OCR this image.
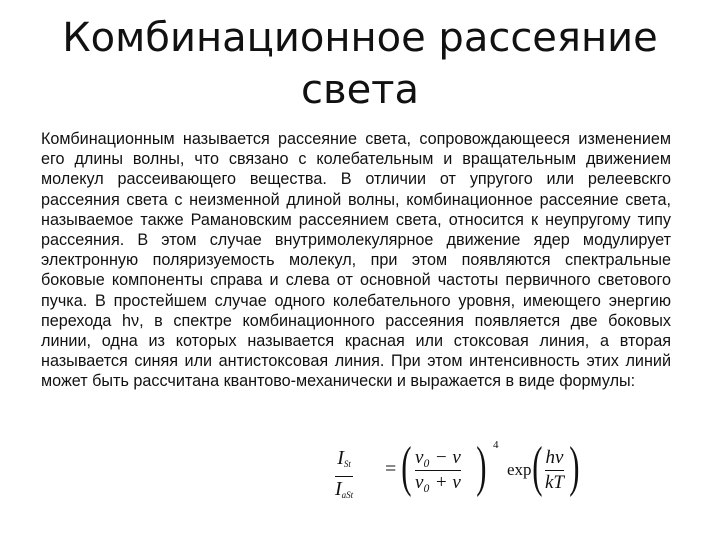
Комбинационное рассеяние
света

Комбинационным называется рассеяние света, сопровождающееся изменением его длины волны, что связано с колебательным и вращательным движением молекул рассеивающего вещества. В отличии от упругого или релеевскго рассеяния света с неизменной длиной волны, комбинационное рассеяние света, называемое также Рамановским рассеянием света, относится к неупругому типу рассеяния. В этом случае внутримолекулярное движение ядер модулирует электронную поляризуемость молекул, при этом появляются спектральные боковые компоненты справа и слева от основной частоты первичного светового пучка. В простейшем случае одного колебательного уровня, имеющего энергию перехода hν, в спектре комбинационного рассеяния появляется две боковых линии, одна из которых называется красная или стоксовая линия, а вторая называется синяя или антистоксовая линия. При этом интенсивность этих линий может быть рассчитана квантово-механически и выражается в виде формулы:

$I_{St}$
$I_{aSt}$
= ( ν₀ − ν
ν₀ + ν ) 4
exp ( hν
kT )
